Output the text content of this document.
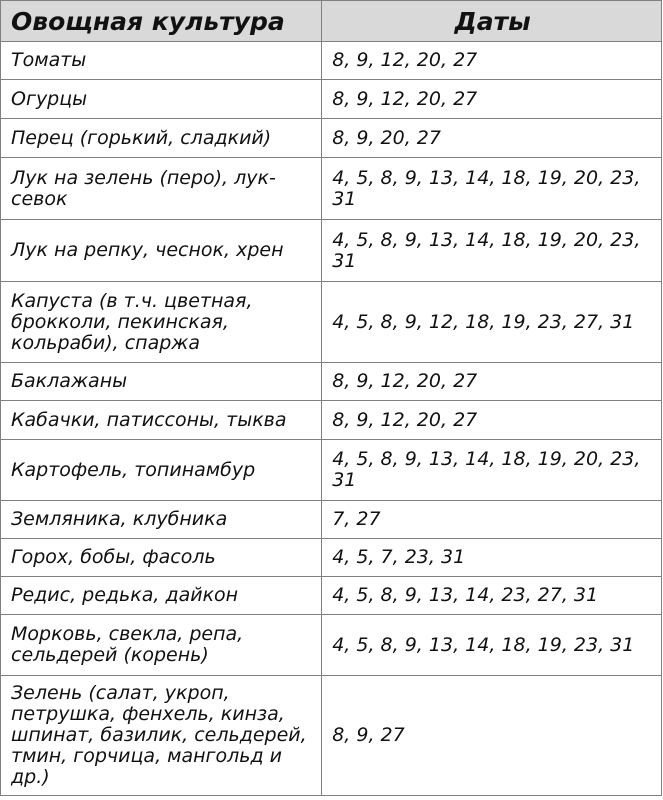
Овощная культура	Даты
Томаты	8, 9, 12, 20, 27
Огурцы	8, 9, 12, 20, 27
Перец (горький, сладкий)	8, 9, 20, 27
Лук на зелень (перо), лук-севок	4, 5, 8, 9, 13, 14, 18, 19, 20, 23, 31
Лук на репку, чеснок, хрен	4, 5, 8, 9, 13, 14, 18, 19, 20, 23, 31
Капуста (в т.ч. цветная, брокколи, пекинская, кольраби), спаржа	4, 5, 8, 9, 12, 18, 19, 23, 27, 31
Баклажаны	8, 9, 12, 20, 27
Кабачки, патиссоны, тыква	8, 9, 12, 20, 27
Картофель, топинамбур	4, 5, 8, 9, 13, 14, 18, 19, 20, 23, 31
Земляника, клубника	7, 27
Горох, бобы, фасоль	4, 5, 7, 23, 31
Редис, редька, дайкон	4, 5, 8, 9, 13, 14, 23, 27, 31
Морковь, свекла, репа, сельдерей (корень)	4, 5, 8, 9, 13, 14, 18, 19, 23, 31
Зелень (салат, укроп, петрушка, фенхель, кинза, шпинат, базилик, сельдерей, тмин, горчица, мангольд и др.)	8, 9, 27
